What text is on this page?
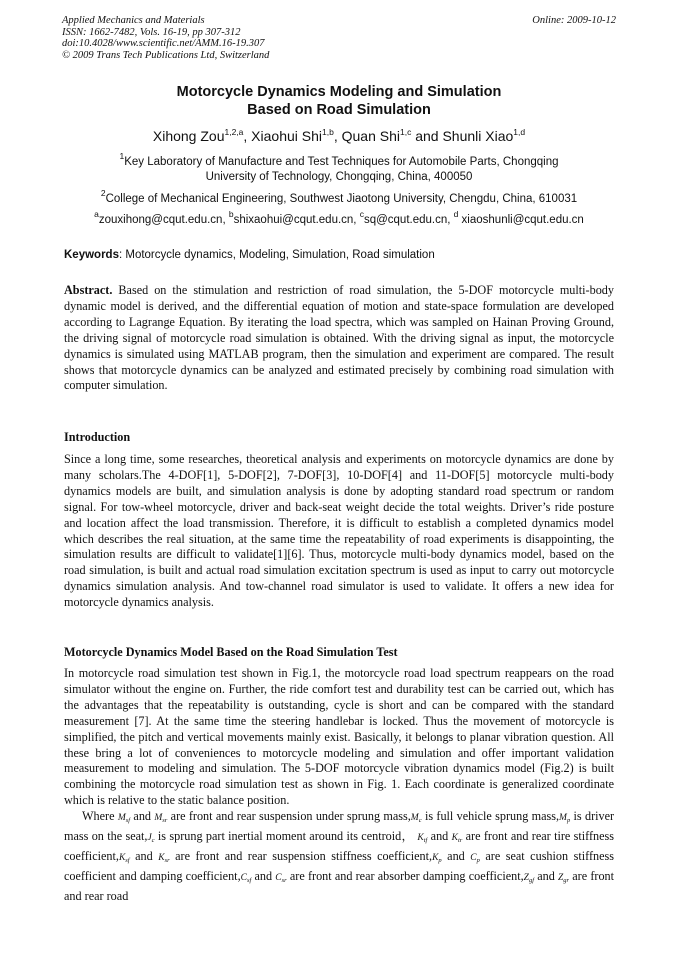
Applied Mechanics and Materials
ISSN: 1662-7482, Vols. 16-19, pp 307-312
doi:10.4028/www.scientific.net/AMM.16-19.307
© 2009 Trans Tech Publications Ltd, Switzerland
Online: 2009-10-12
Motorcycle Dynamics Modeling and Simulation
Based on Road Simulation
Xihong Zou$^{1,2,a}$, Xiaohui Shi$^{1,b}$, Quan Shi$^{1,c}$ and Shunli Xiao$^{1,d}$
$^1$Key Laboratory of Manufacture and Test Techniques for Automobile Parts, Chongqing
University of Technology, Chongqing, China, 400050
$^2$College of Mechanical Engineering, Southwest Jiaotong University, Chengdu, China, 610031
$^a$zouxihong@cqut.edu.cn, $^b$shixaohui@cqut.edu.cn, $^c$sq@cqut.edu.cn, $^d$ xiaoshunli@cqut.edu.cn
Keywords: Motorcycle dynamics, Modeling, Simulation, Road simulation

Abstract. Based on the stimulation and restriction of road simulation, the 5-DOF motorcycle multi-body dynamic model is derived, and the differential equation of motion and state-space formulation are developed according to Lagrange Equation. By iterating the load spectra, which was sampled on Hainan Proving Ground, the driving signal of motorcycle road simulation is obtained. With the driving signal as input, the motorcycle dynamics is simulated using MATLAB program, then the simulation and experiment are compared. The result shows that motorcycle dynamics can be analyzed and estimated precisely by combining road simulation with computer simulation.

Introduction

Since a long time, some researches, theoretical analysis and experiments on motorcycle dynamics are done by many scholars.The 4-DOF[1], 5-DOF[2], 7-DOF[3], 10-DOF[4] and 11-DOF[5] motorcycle multi-body dynamics models are built, and simulation analysis is done by adopting standard road spectrum or random signal. For tow-wheel motorcycle, driver and back-seat weight decide the total weights. Driver’s ride posture and location affect the load transmission. Therefore, it is difficult to establish a completed dynamics model which describes the real situation, at the same time the repeatability of road experiments is disappointing, the simulation results are difficult to validate[1][6]. Thus, motorcycle multi-body dynamics model, based on the road simulation, is built and actual road simulation excitation spectrum is used as input to carry out motorcycle dynamics simulation analysis. And tow-channel road simulator is used to validate. It offers a new idea for motorcycle dynamics analysis.

Motorcycle Dynamics Model Based on the Road Simulation Test

In motorcycle road simulation test shown in Fig.1, the motorcycle road load spectrum reappears on the road simulator without the engine on. Further, the ride comfort test and durability test can be carried out, which has the advantages that the repeatability is outstanding, cycle is short and can be compared with the standard measurement [7]. At the same time the steering handlebar is locked. Thus the movement of motorcycle is simplified, the pitch and vertical movements mainly exist. Basically, it belongs to planar vibration question. All these bring a lot of conveniences to motorcycle modeling and simulation and offer important validation measurement to modeling and simulation. The 5-DOF motorcycle vibration dynamics model (Fig.2) is built combining the motorcycle road simulation test as shown in Fig. 1. Each coordinate is generalized coordinate which is relative to the static balance position.

Where $M_{sf}$ and $M_{sr}$ are front and rear suspension under sprung $mass,M_c$ is full vehicle sprung $mass,M_p$ is driver mass on the $seat,J_c$ is sprung part inertial moment around its centroid， $K_{tf}$ and $K_{tr}$ are front and rear tire stiffness $coefficient,K_{sf}$ and $K_{sr}$ are front and rear suspension stiffness $coefficient,K_p$ and $C_p$ are seat cushion stiffness coefficient and damping $coefficient,C_{sf}$ and $C_{sr}$ are front and rear absorber damping $coefficient,Z_{gf}$ and $Z_{gr}$ are front and rear road
